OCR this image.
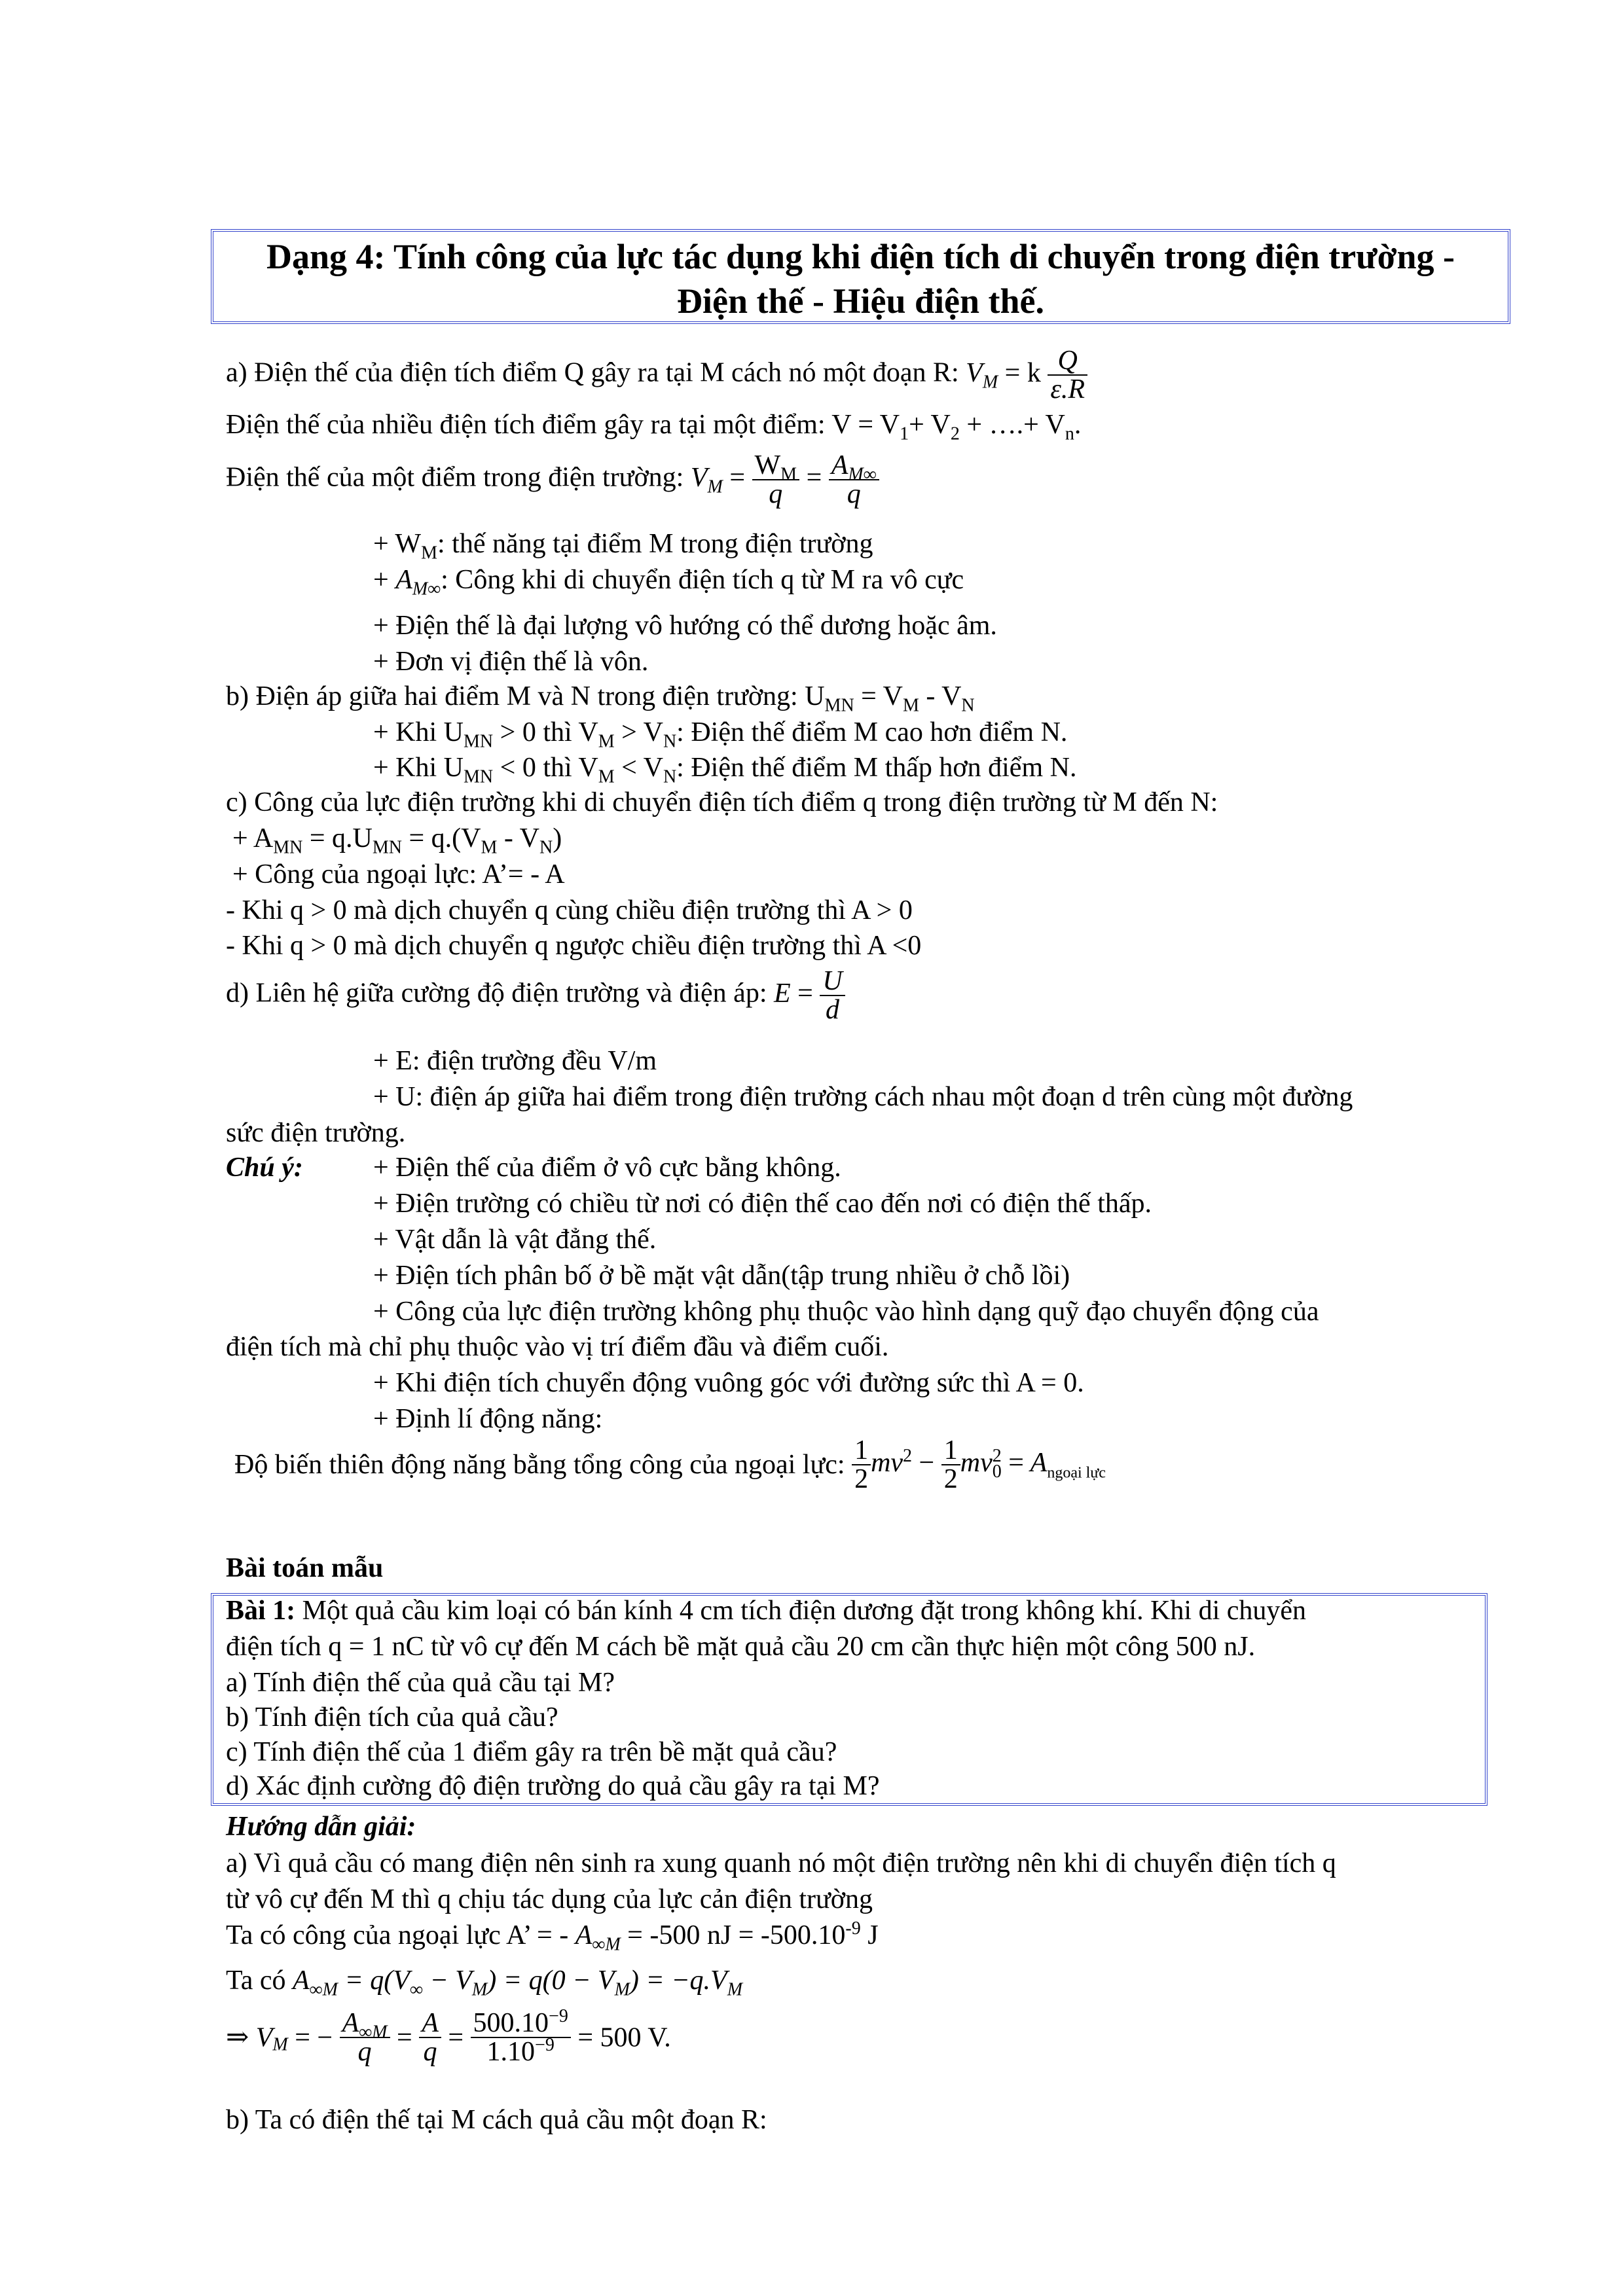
Dạng 4: Tính công của lực tác dụng khi điện tích di chuyển trong điện trường -
Điện thế - Hiệu điện thế.
a) Điện thế của điện tích điểm Q gây ra tại M cách nó một đoạn R: $V_M = k \frac{Q}{\varepsilon.R}$
Điện thế của nhiều điện tích điểm gây ra tại một điểm: $V = V_1+ V_2$ + ….+ $V_n$.
Điện thế của một điểm trong điện trường: $V_M = \frac{W_M}{q} = \frac{A_{M\infty}}{q}$
+ $W_M$: thế năng tại điểm M trong điện trường
+ $A_{M\infty}$: Công khi di chuyển điện tích q từ M ra vô cực
+ Điện thế là đại lượng vô hướng có thể dương hoặc âm.
+ Đơn vị điện thế là vôn.
b) Điện áp giữa hai điểm M và N trong điện trường: $U_{MN} = V_M - V_N$
+ Khi $U_{MN} > 0$ thì $V_M > V_N$: Điện thế điểm M cao hơn điểm N.
+ Khi $U_{MN} < 0$ thì $V_M < V_N$: Điện thế điểm M thấp hơn điểm N.
c) Công của lực điện trường khi di chuyển điện tích điểm q trong điện trường từ M đến N:
+ $A_{MN} = q.U_{MN} = q.(V_M - V_N)$
+ Công của ngoại lực: A’= - A
- Khi q > 0 mà dịch chuyển q cùng chiều điện trường thì A > 0
- Khi q > 0 mà dịch chuyển q ngược chiều điện trường thì A <0
d) Liên hệ giữa cường độ điện trường và điện áp: $E = \frac{U}{d}$
+ E: điện trường đều V/m
+ U: điện áp giữa hai điểm trong điện trường cách nhau một đoạn d trên cùng một đường
sức điện trường.
Chú ý:	+ Điện thế của điểm ở vô cực bằng không.
+ Điện trường có chiều từ nơi có điện thế cao đến nơi có điện thế thấp.
+ Vật dẫn là vật đẳng thế.
+ Điện tích phân bố ở bề mặt vật dẫn(tập trung nhiều ở chỗ lồi)
+ Công của lực điện trường không phụ thuộc vào hình dạng quỹ đạo chuyển động của
điện tích mà chỉ phụ thuộc vào vị trí điểm đầu và điểm cuối.
+ Khi điện tích chuyển động vuông góc với đường sức thì A = 0.
+ Định lí động năng:
Độ biến thiên động năng bằng tổng công của ngoại lực: $\frac{1}{2} mv^2 - \frac{1}{2} mv^2_0 = A_{ngoại lực}$
Bài toán mẫu
Bài 1: Một quả cầu kim loại có bán kính 4 cm tích điện dương đặt trong không khí. Khi di chuyển
điện tích q = 1 nC từ vô cự đến M cách bề mặt quả cầu 20 cm cần thực hiện một công 500 nJ.
a) Tính điện thế của quả cầu tại M?
b) Tính điện tích của quả cầu?
c) Tính điện thế của 1 điểm gây ra trên bề mặt quả cầu?
d) Xác định cường độ điện trường do quả cầu gây ra tại M?
Hướng dẫn giải:
a) Vì quả cầu có mang điện nên sinh ra xung quanh nó một điện trường nên khi di chuyển điện tích q
từ vô cự đến M thì q chịu tác dụng của lực cản điện trường
Ta có công của ngoại lực A’ = - $A_{\infty M} = -500$ nJ = $-500.10^{-9}$ J
Ta có $A_{\infty M} = q(V_\infty - V_M) = q(0 - V_M) = -q.V_M$
⇒ $V_M$ = − $\frac{A_{\infty M}}{q} = \frac{A}{q} = \frac{500.10^{-9}}{1.10^{-9}} = 500$ V.
b) Ta có điện thế tại M cách quả cầu một đoạn R:
